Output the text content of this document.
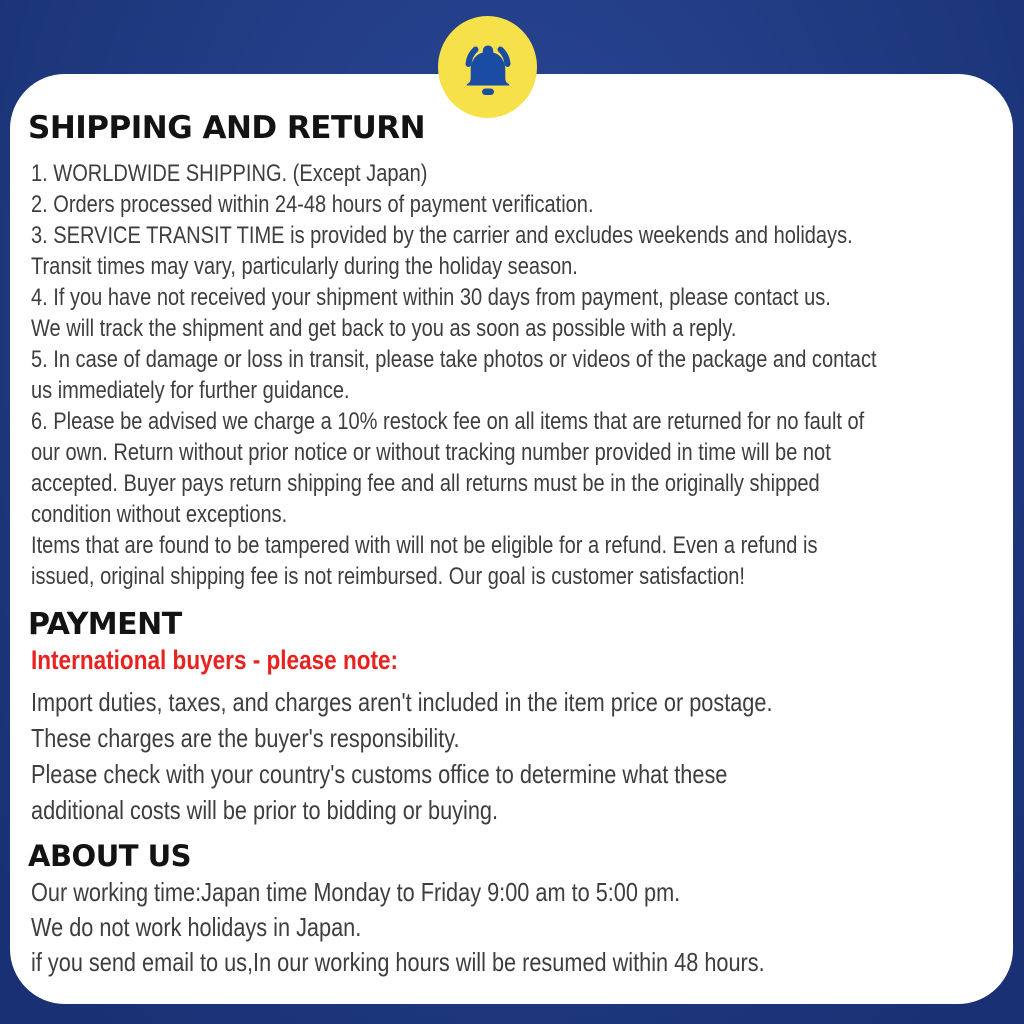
SHIPPING AND RETURN
1. WORLDWIDE SHIPPING. (Except Japan)
2. Orders processed within 24-48 hours of payment verification.
3. SERVICE TRANSIT TIME is provided by the carrier and excludes weekends and holidays.
Transit times may vary, particularly during the holiday season.
4. If you have not received your shipment within 30 days from payment, please contact us.
We will track the shipment and get back to you as soon as possible with a reply.
5. In case of damage or loss in transit, please take photos or videos of the package and contact
us immediately for further guidance.
6. Please be advised we charge a 10% restock fee on all items that are returned for no fault of
our own. Return without prior notice or without tracking number provided in time will be not
accepted. Buyer pays return shipping fee and all returns must be in the originally shipped
condition without exceptions.
Items that are found to be tampered with will not be eligible for a refund. Even a refund is
issued, original shipping fee is not reimbursed. Our goal is customer satisfaction!
PAYMENT
International buyers - please note:
Import duties, taxes, and charges aren't included in the item price or postage.
These charges are the buyer's responsibility.
Please check with your country's customs office to determine what these
additional costs will be prior to bidding or buying.
ABOUT US
Our working time:Japan time Monday to Friday 9:00 am to 5:00 pm.
We do not work holidays in Japan.
if you send email to us,In our working hours will be resumed within 48 hours.
